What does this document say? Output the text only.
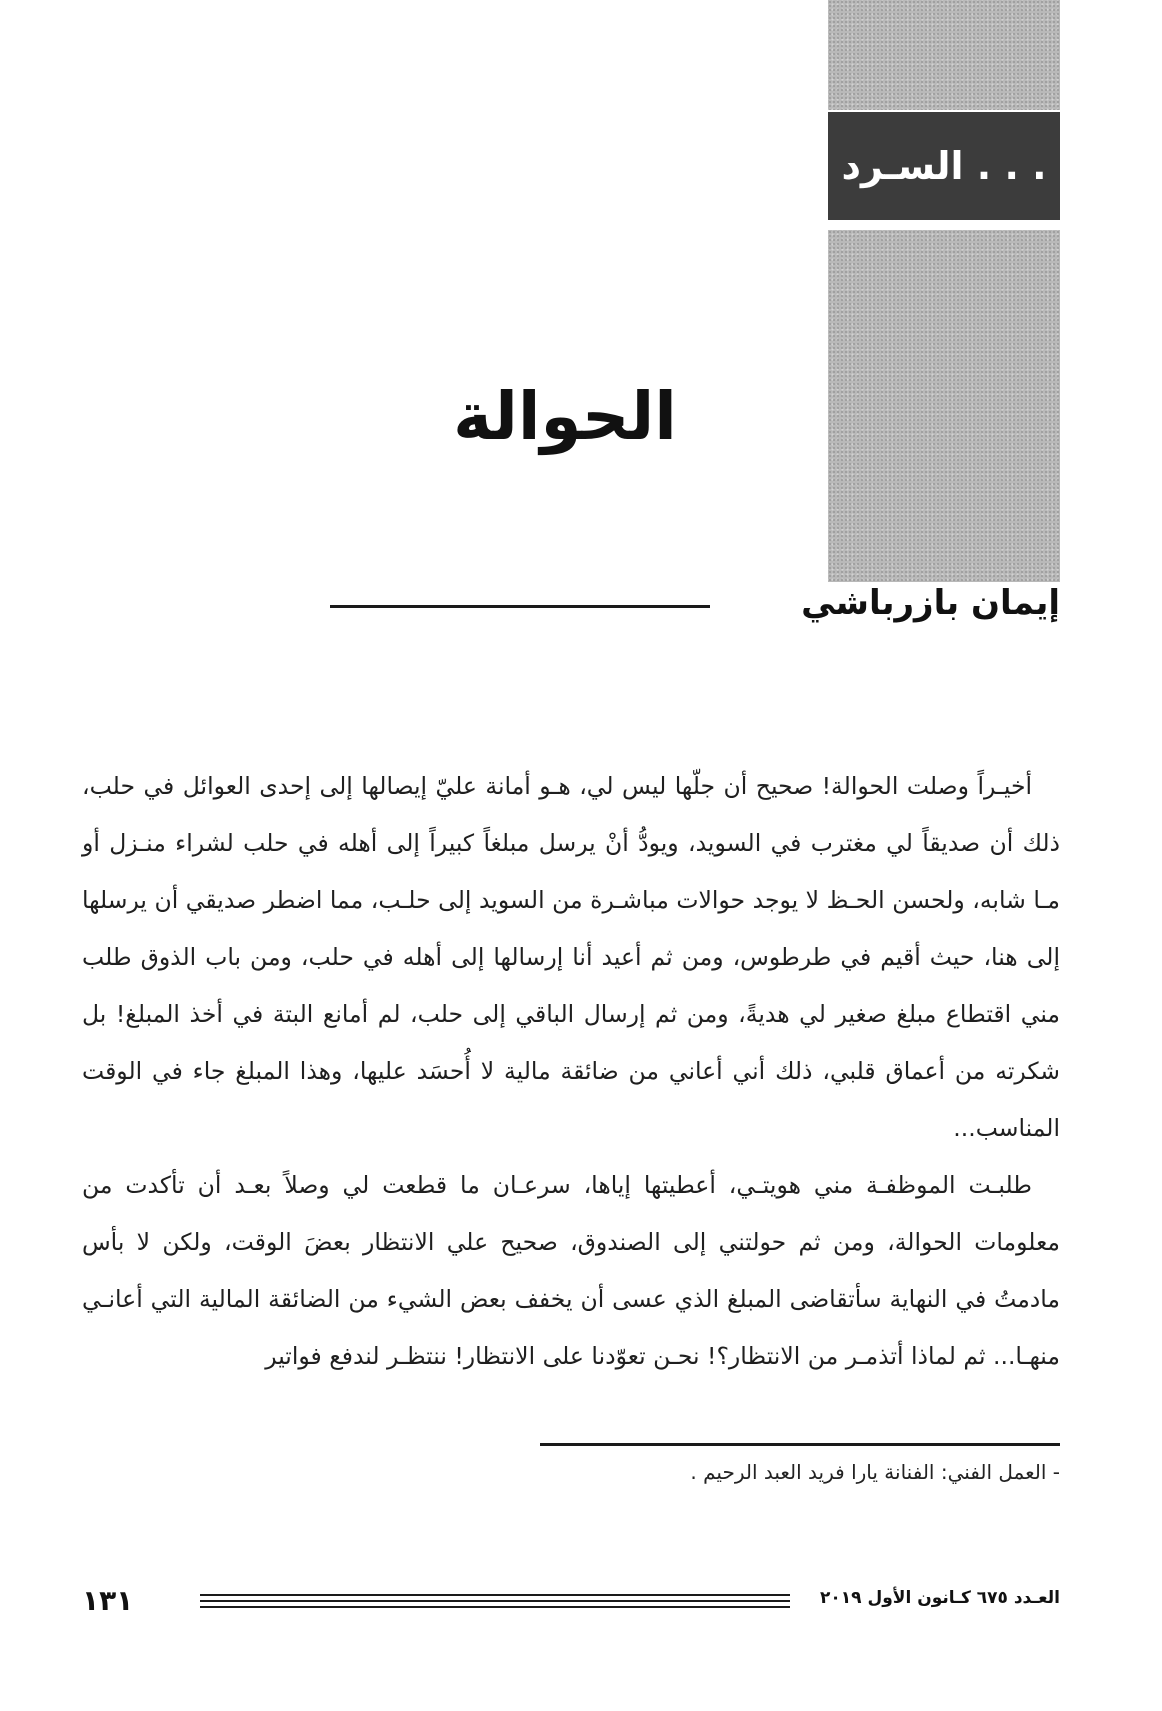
السـرد . . .
الحوالة
إيمان بازرباشي

أخيـراً وصلت الحوالة! صحيح أن جلّها ليس لي، هـو أمانة عليّ إيصالها إلى إحدى العوائل في حلب، ذلك أن صديقاً لي مغترب في السويد، ويودُّ أنْ يرسل مبلغاً كبيراً إلى أهله في حلب لشراء منـزل أو مـا شابه، ولحسن الحـظ لا يوجد حوالات مباشـرة من السويد إلى حلـب، مما اضطر صديقي أن يرسلها إلى هنا، حيث أقيم في طرطوس، ومن ثم أعيد أنا إرسالها إلى أهله في حلب، ومن باب الذوق طلب مني اقتطاع مبلغ صغير لي هديةً، ومن ثم إرسال الباقي إلى حلب، لم أمانع البتة في أخذ المبلغ! بل شكرته من أعماق قلبي، ذلك أني أعاني من ضائقة مالية لا أُحسَد عليها، وهذا المبلغ جاء في الوقت المناسب...

طلبـت الموظفـة مني هويتـي، أعطيتها إياها، سرعـان ما قطعت لي وصلاً بعـد أن تأكدت من معلومات الحوالة، ومن ثم حولتني إلى الصندوق، صحيح علي الانتظار بعضَ الوقت، ولكن لا بأس مادمتُ في النهاية سأتقاضى المبلغ الذي عسى أن يخفف بعض الشيء من الضائقة المالية التي أعانـي منهـا... ثم لماذا أتذمـر من الانتظار؟! نحـن تعوّدنا على الانتظار! ننتظـر لندفع فواتير

- العمل الفني: الفنانة يارا فريد العبد الرحيم .
١٣١	العـدد ٦٧٥ كـانون الأول ٢٠١٩
